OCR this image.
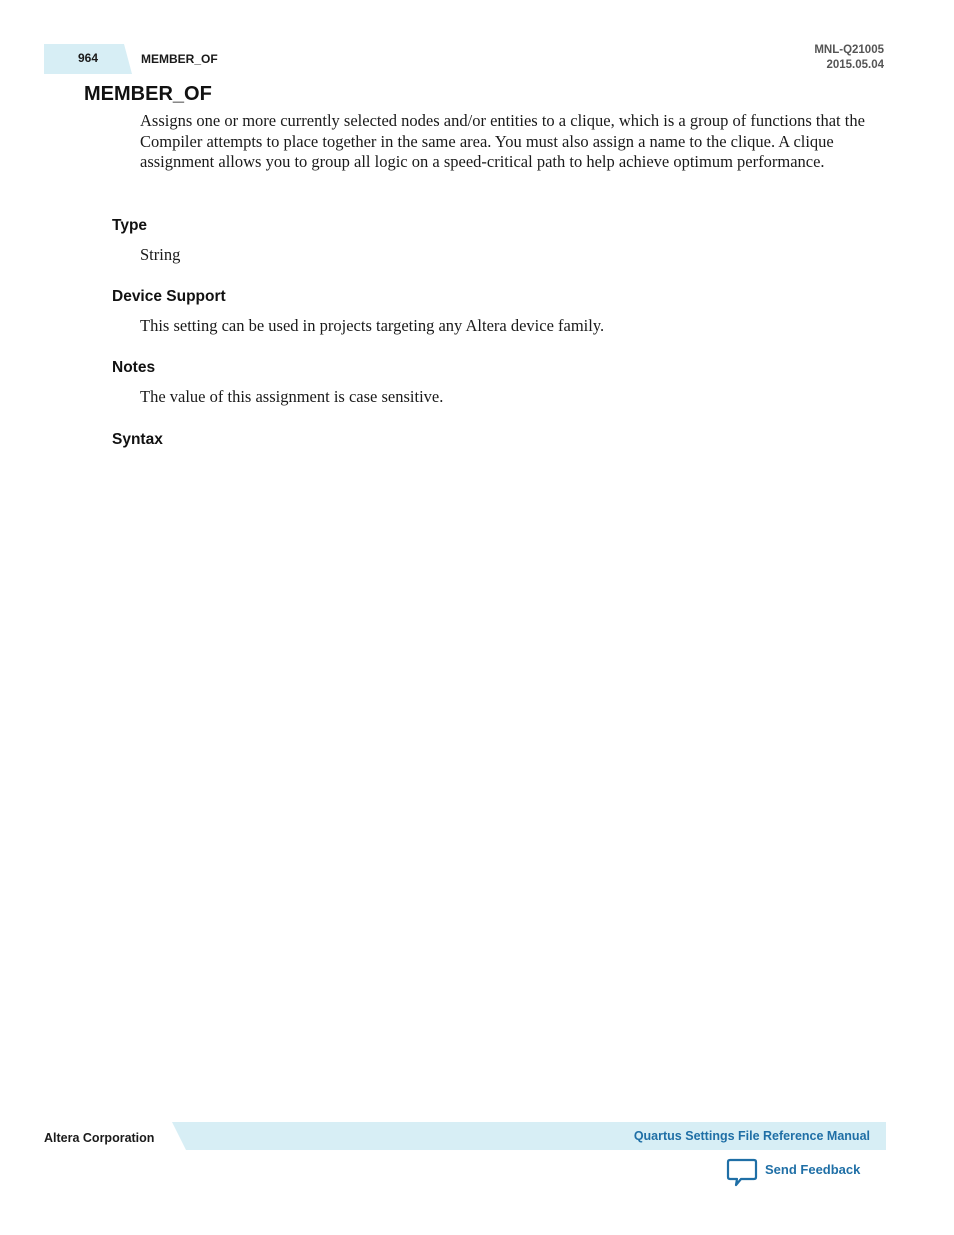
964	MEMBER_OF
MNL-Q21005
2015.05.04
MEMBER_OF
Assigns one or more currently selected nodes and/or entities to a clique, which is a group of functions that the Compiler attempts to place together in the same area. You must also assign a name to the clique. A clique assignment allows you to group all logic on a speed-critical path to help achieve optimum performance.
Type
String
Device Support
This setting can be used in projects targeting any Altera device family.
Notes
The value of this assignment is case sensitive.
Syntax
Altera Corporation	Quartus Settings File Reference Manual
Send Feedback
